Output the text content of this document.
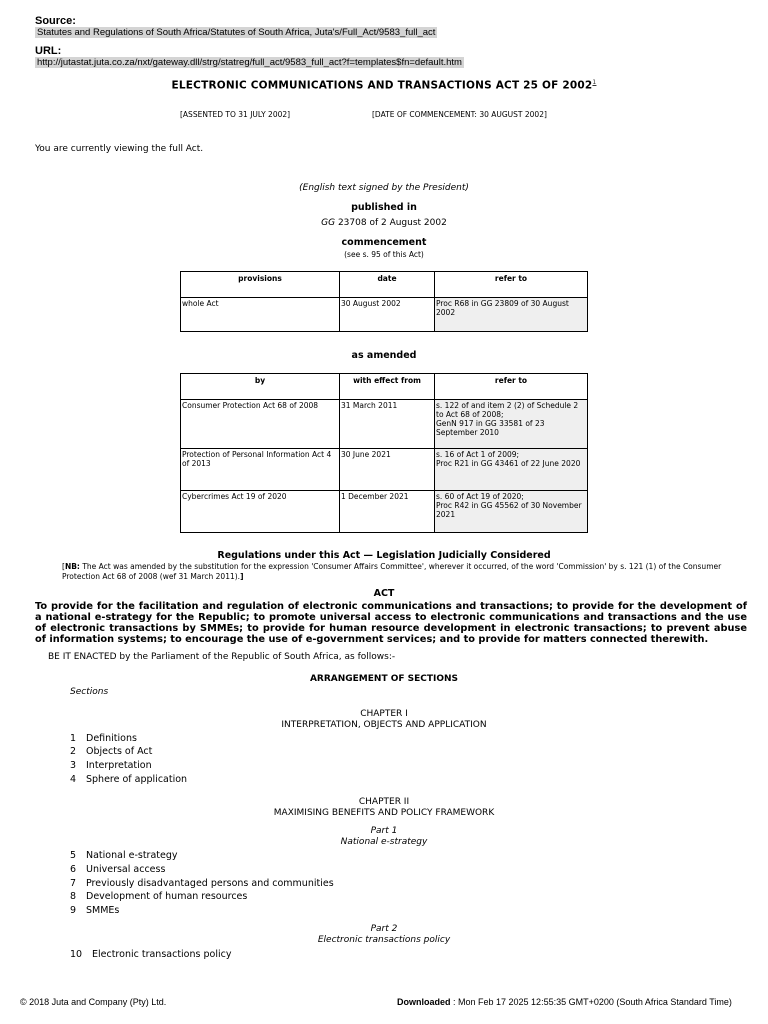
Source:
Statutes and Regulations of South Africa/Statutes of South Africa, Juta's/Full_Act/9583_full_act
URL:
http://jutastat.juta.co.za/nxt/gateway.dll/strg/statreg/full_act/9583_full_act?f=templates$fn=default.htm
ELECTRONIC COMMUNICATIONS AND TRANSACTIONS ACT 25 OF 2002$^1$
[ASSENTED TO 31 JULY 2002]	[DATE OF COMMENCEMENT: 30 AUGUST 2002]
You are currently viewing the full Act.
(English text signed by the President)
published in
GG 23708 of 2 August 2002
commencement
(see s. 95 of this Act)
provisions	date	refer to
whole Act	30 August 2002	Proc R68 in GG 23809 of 30 August 2002
as amended
by	with effect from	refer to
Consumer Protection Act 68 of 2008	31 March 2011	s. 122 of and item 2 (2) of Schedule 2 to Act 68 of 2008;
GenN 917 in GG 33581 of 23 September 2010
Protection of Personal Information Act 4 of 2013	30 June 2021	s. 16 of Act 1 of 2009;
Proc R21 in GG 43461 of 22 June 2020
Cybercrimes Act 19 of 2020	1 December 2021	s. 60 of Act 19 of 2020;
Proc R42 in GG 45562 of 30 November 2021
Regulations under this Act — Legislation Judicially Considered
[NB: The Act was amended by the substitution for the expression 'Consumer Affairs Committee', wherever it occurred, of the word 'Commission' by s. 121 (1) of the Consumer Protection Act 68 of 2008 (wef 31 March 2011).]
ACT
To provide for the facilitation and regulation of electronic communications and transactions; to provide for the development of a national e-strategy for the Republic; to promote universal access to electronic communications and transactions and the use of electronic transactions by SMMEs; to provide for human resource development in electronic transactions; to prevent abuse of information systems; to encourage the use of e-government services; and to provide for matters connected therewith.
BE IT ENACTED by the Parliament of the Republic of South Africa, as follows:-
ARRANGEMENT OF SECTIONS
Sections
CHAPTER I
INTERPRETATION, OBJECTS AND APPLICATION
1 Definitions
2 Objects of Act
3 Interpretation
4 Sphere of application
CHAPTER II
MAXIMISING BENEFITS AND POLICY FRAMEWORK
Part 1
National e-strategy
5 National e-strategy
6 Universal access
7 Previously disadvantaged persons and communities
8 Development of human resources
9 SMMEs
Part 2
Electronic transactions policy
10 Electronic transactions policy
© 2018 Juta and Company (Pty) Ltd.	Downloaded : Mon Feb 17 2025 12:55:35 GMT+0200 (South Africa Standard Time)
